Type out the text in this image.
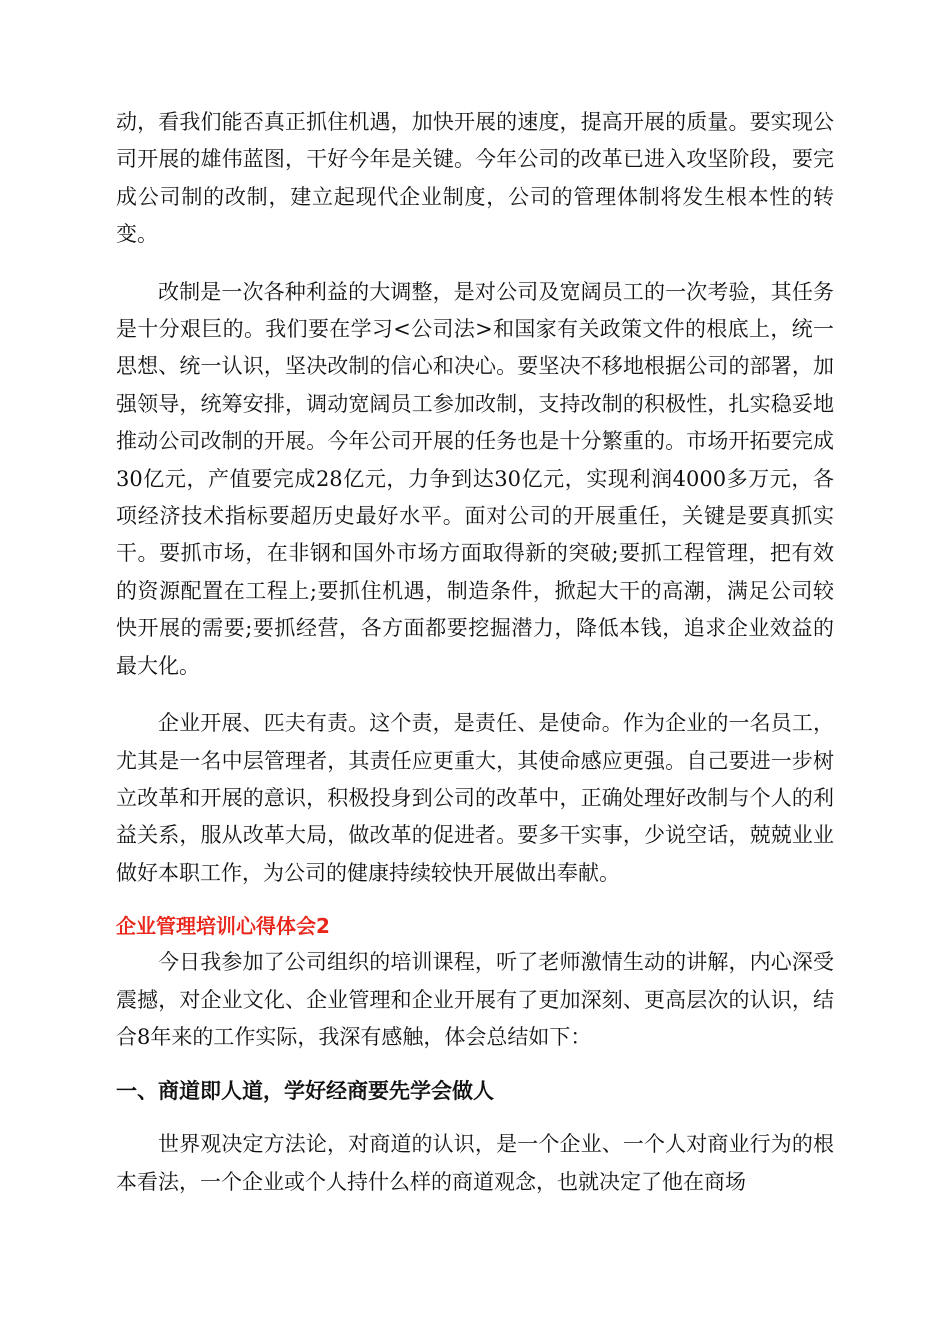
动，看我们能否真正抓住机遇，加快开展的速度，提高开展的质量。要实现公司开展的雄伟蓝图，干好今年是关键。今年公司的改革已进入攻坚阶段，要完成公司制的改制，建立起现代企业制度，公司的管理体制将发生根本性的转变。

改制是一次各种利益的大调整，是对公司及宽阔员工的一次考验，其任务是十分艰巨的。我们要在学习<公司法>和国家有关政策文件的根底上，统一思想、统一认识，坚决改制的信心和决心。要坚决不移地根据公司的部署，加强领导，统筹安排，调动宽阔员工参加改制，支持改制的积极性，扎实稳妥地推动公司改制的开展。今年公司开展的任务也是十分繁重的。市场开拓要完成30亿元，产值要完成28亿元，力争到达30亿元，实现利润4000多万元，各项经济技术指标要超历史最好水平。面对公司的开展重任，关键是要真抓实干。要抓市场，在非钢和国外市场方面取得新的突破;要抓工程管理，把有效的资源配置在工程上;要抓住机遇，制造条件，掀起大干的高潮，满足公司较快开展的需要;要抓经营，各方面都要挖掘潜力，降低本钱，追求企业效益的最大化。

企业开展、匹夫有责。这个责，是责任、是使命。作为企业的一名员工，尤其是一名中层管理者，其责任应更重大，其使命感应更强。自己要进一步树立改革和开展的意识，积极投身到公司的改革中，正确处理好改制与个人的利益关系，服从改革大局，做改革的促进者。要多干实事，少说空话，兢兢业业做好本职工作，为公司的健康持续较快开展做出奉献。

企业管理培训心得体会2

今日我参加了公司组织的培训课程，听了老师激情生动的讲解，内心深受震撼，对企业文化、企业管理和企业开展有了更加深刻、更高层次的认识，结合8年来的工作实际，我深有感触，体会总结如下：

一、商道即人道，学好经商要先学会做人

世界观决定方法论，对商道的认识，是一个企业、一个人对商业行为的根本看法，一个企业或个人持什么样的商道观念，也就决定了他在商场
